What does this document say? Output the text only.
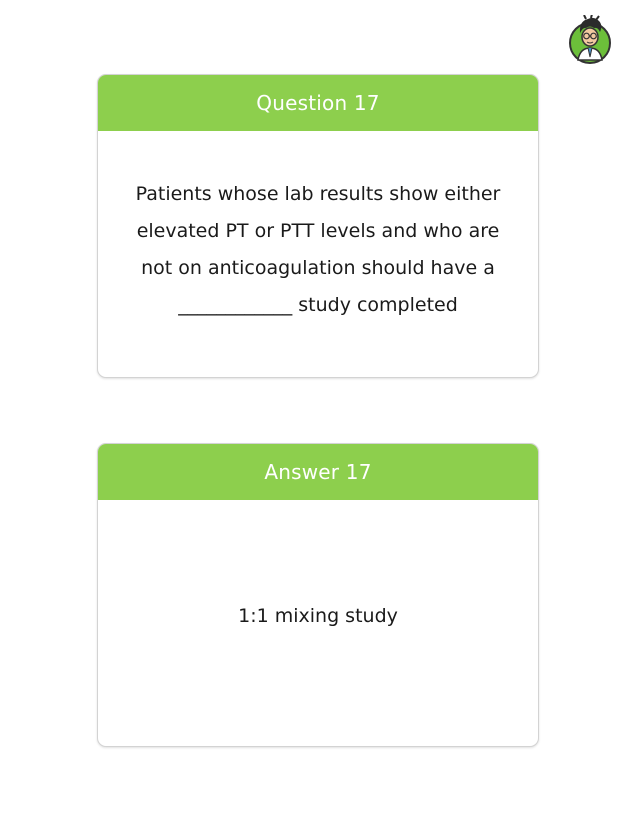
Question 17
Patients whose lab results show either
elevated PT or PTT levels and who are
not on anticoagulation should have a
____________ study completed
Answer 17
1:1 mixing study
